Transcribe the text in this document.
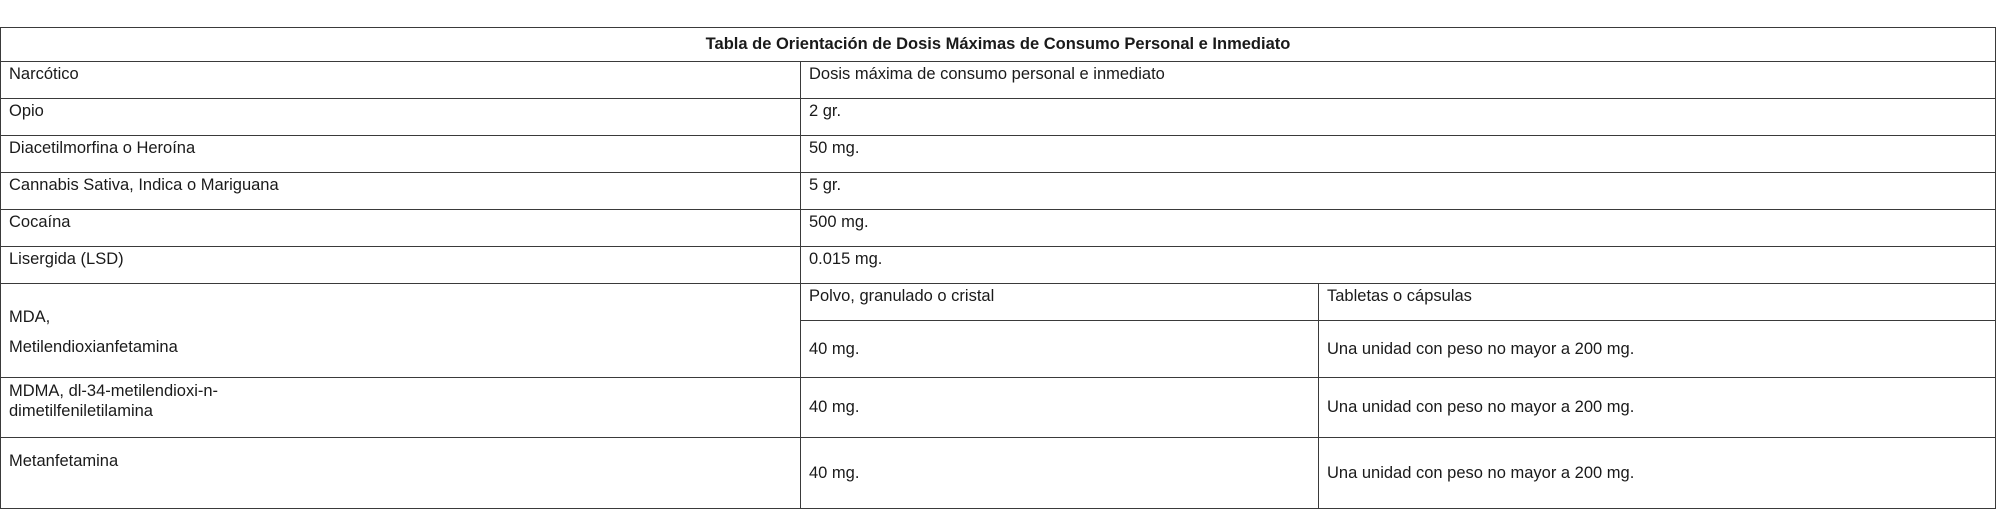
Tabla de Orientación de Dosis Máximas de Consumo Personal e Inmediato		
Narcótico	Dosis máxima de consumo personal e inmediato	
Opio	2 gr.	
Diacetilmorfina o Heroína	50 mg.	
Cannabis Sativa, Indica o Mariguana	5 gr.	
Cocaína	500 mg.	
Lisergida (LSD)	0.015 mg.	

MDA,
Metilendioxianfetamina	Polvo, granulado o cristal	Tabletas o cápsulas
	40 mg.	Una unidad con peso no mayor a 200 mg.
MDMA, dl-34-metilendioxi-n-
dimetilfeniletilamina	40 mg.	Una unidad con peso no mayor a 200 mg.
Metanfetamina	40 mg.	Una unidad con peso no mayor a 200 mg.
